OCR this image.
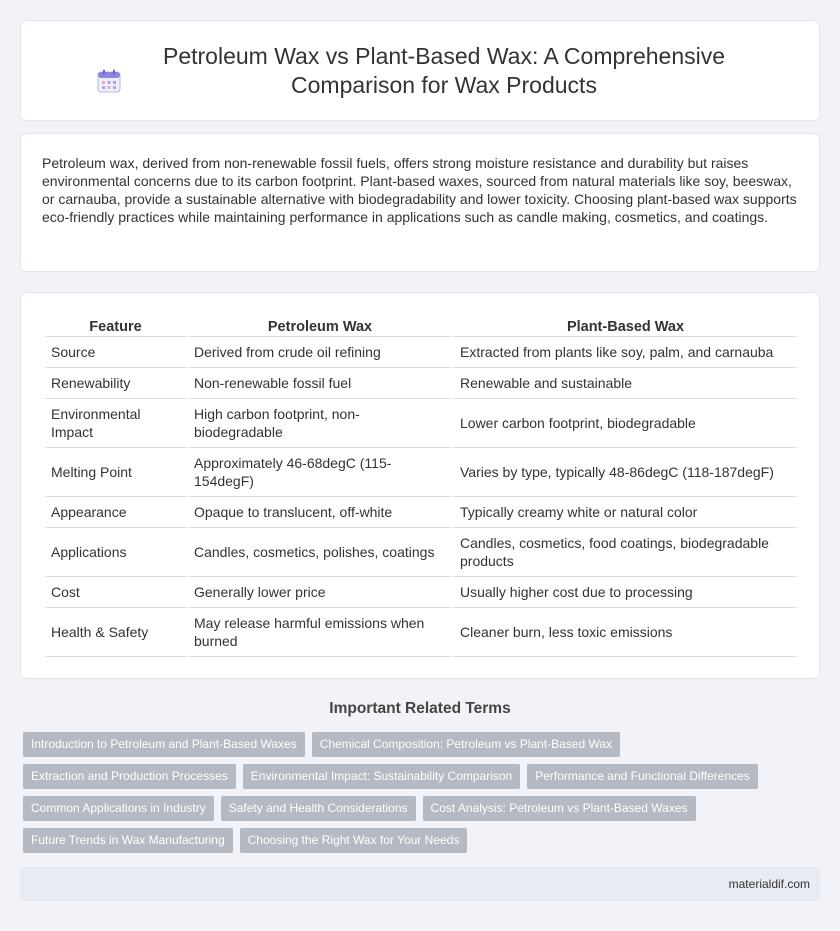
Petroleum Wax vs Plant-Based Wax: A Comprehensive Comparison for Wax Products

Petroleum wax, derived from non-renewable fossil fuels, offers strong moisture resistance and durability but raises environmental concerns due to its carbon footprint. Plant-based waxes, sourced from natural materials like soy, beeswax, or carnauba, provide a sustainable alternative with biodegradability and lower toxicity. Choosing plant-based wax supports eco-friendly practices while maintaining performance in applications such as candle making, cosmetics, and coatings.

Feature	Petroleum Wax	Plant-Based Wax
Source	Derived from crude oil refining	Extracted from plants like soy, palm, and carnauba
Renewability	Non-renewable fossil fuel	Renewable and sustainable
Environmental Impact	High carbon footprint, non-biodegradable	Lower carbon footprint, biodegradable
Melting Point	Approximately 46-68degC (115-154degF)	Varies by type, typically 48-86degC (118-187degF)
Appearance	Opaque to translucent, off-white	Typically creamy white or natural color
Applications	Candles, cosmetics, polishes, coatings	Candles, cosmetics, food coatings, biodegradable products
Cost	Generally lower price	Usually higher cost due to processing
Health & Safety	May release harmful emissions when burned	Cleaner burn, less toxic emissions
Important Related Terms
Introduction to Petroleum and Plant-Based Waxes	Chemical Composition: Petroleum vs Plant-Based Wax
Extraction and Production Processes	Environmental Impact: Sustainability Comparison	Performance and Functional Differences
Common Applications in Industry	Safety and Health Considerations	Cost Analysis: Petroleum vs Plant-Based Waxes
Future Trends in Wax Manufacturing	Choosing the Right Wax for Your Needs
materialdif.com
